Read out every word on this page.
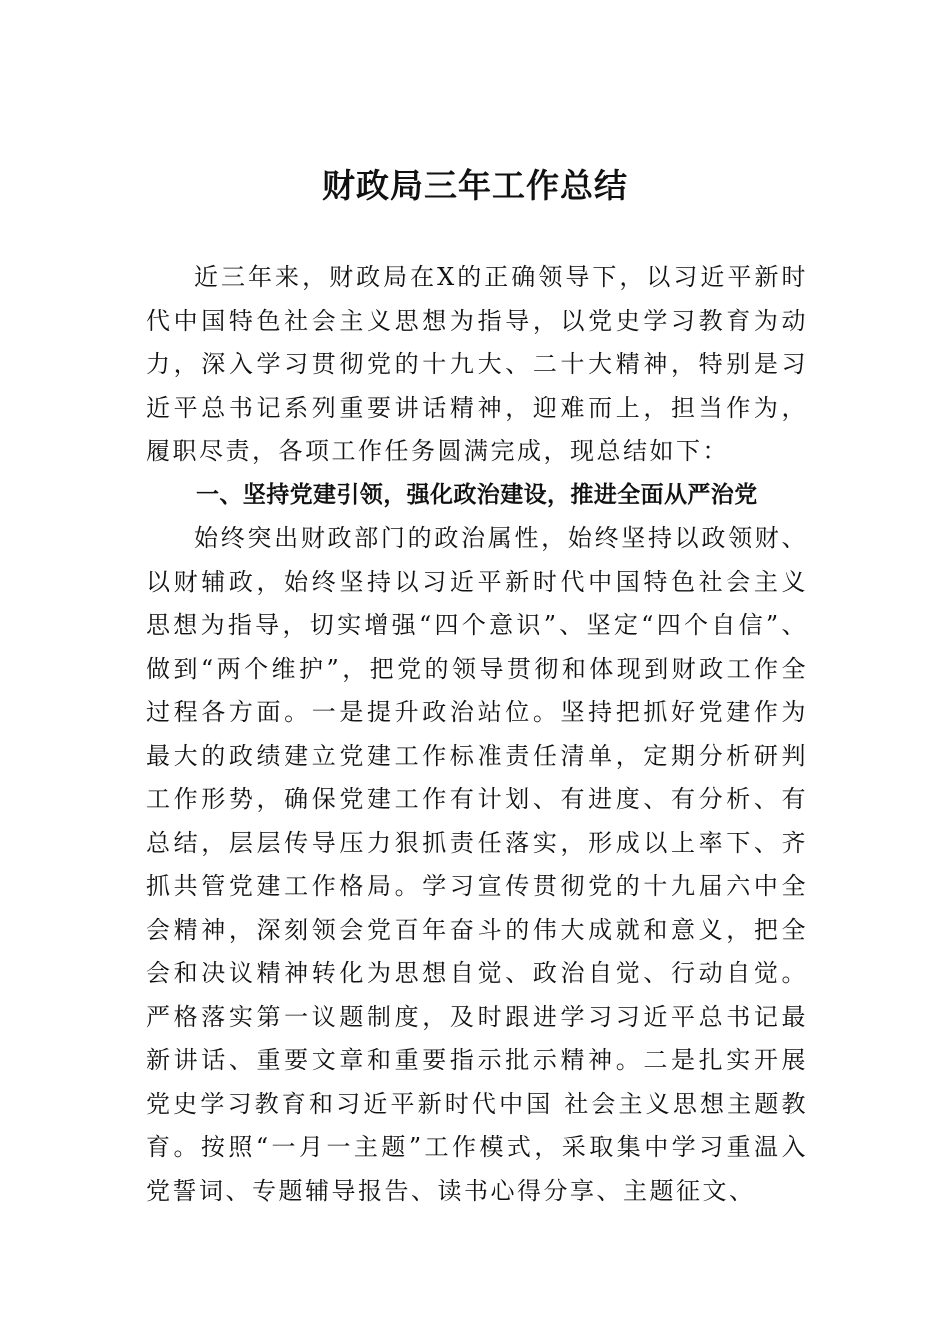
财政局三年工作总结

近三年来，财政局在X的正确领导下，以习近平新时代中国特色社会主义思想为指导，以党史学习教育为动力，深入学习贯彻党的十九大、二十大精神，特别是习近平总书记系列重要讲话精神，迎难而上，担当作为，履职尽责，各项工作任务圆满完成，现总结如下：

一、坚持党建引领，强化政治建设，推进全面从严治党

始终突出财政部门的政治属性，始终坚持以政领财、以财辅政，始终坚持以习近平新时代中国特色社会主义思想为指导，切实增强“四个意识”、坚定“四个自信”、做到“两个维护”，把党的领导贯彻和体现到财政工作全过程各方面。一是提升政治站位。坚持把抓好党建作为最大的政绩建立党建工作标准责任清单，定期分析研判工作形势，确保党建工作有计划、有进度、有分析、有总结，层层传导压力狠抓责任落实，形成以上率下、齐抓共管党建工作格局。学习宣传贯彻党的十九届六中全会精神，深刻领会党百年奋斗的伟大成就和意义，把全会和决议精神转化为思想自觉、政治自觉、行动自觉。严格落实第一议题制度，及时跟进学习习近平总书记最新讲话、重要文章和重要指示批示精神。二是扎实开展党史学习教育和习近平新时代中国 社会主义思想主题教育。按照“一月一主题”工作模式，采取集中学习重温入党誓词、专题辅导报告、读书心得分享、主题征文、
